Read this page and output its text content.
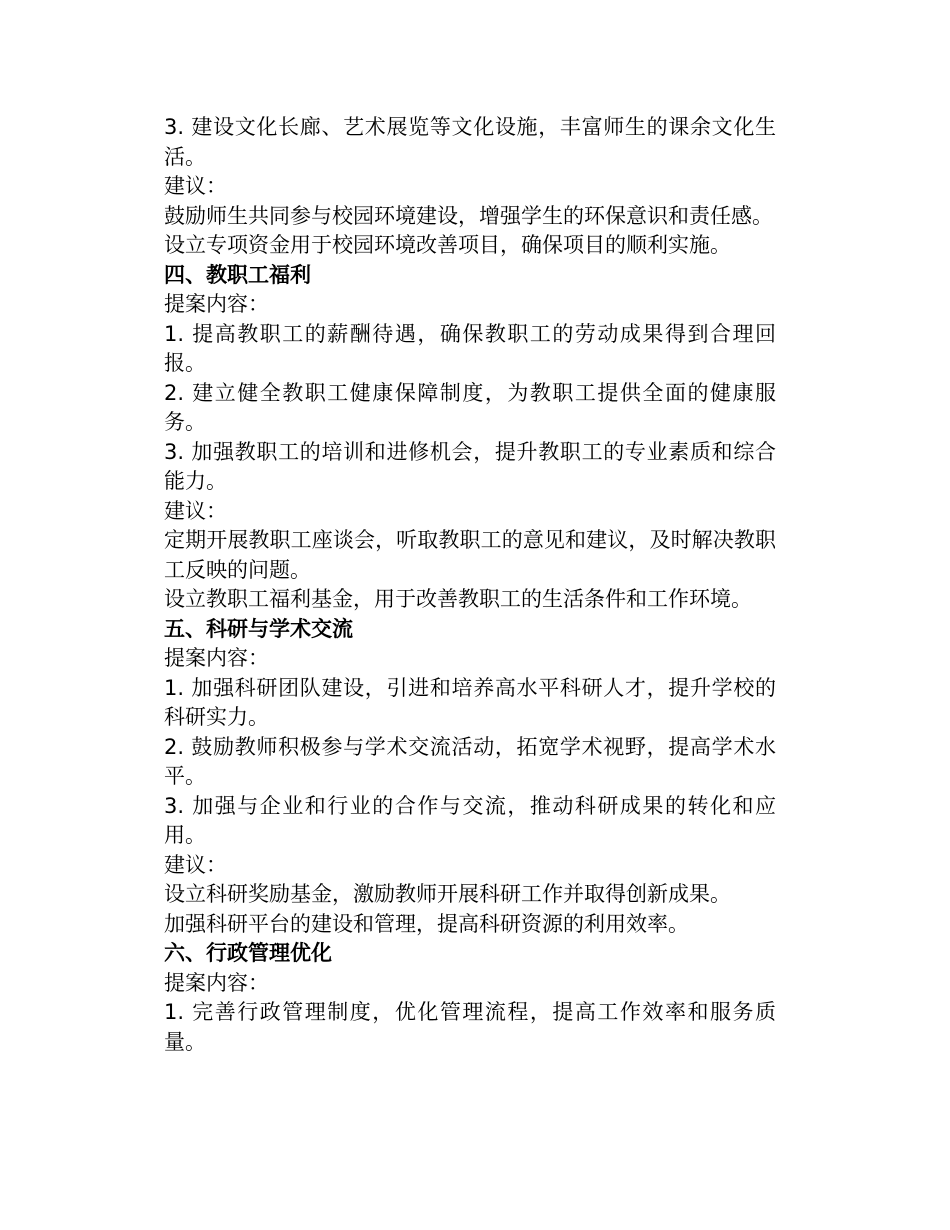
3. 建设文化长廊、艺术展览等文化设施，丰富师生的课余文化生活。

建议：

鼓励师生共同参与校园环境建设，增强学生的环保意识和责任感。

设立专项资金用于校园环境改善项目，确保项目的顺利实施。

四、教职工福利

提案内容：

1. 提高教职工的薪酬待遇，确保教职工的劳动成果得到合理回报。

2. 建立健全教职工健康保障制度，为教职工提供全面的健康服务。

3. 加强教职工的培训和进修机会，提升教职工的专业素质和综合能力。

建议：

定期开展教职工座谈会，听取教职工的意见和建议，及时解决教职工反映的问题。

设立教职工福利基金，用于改善教职工的生活条件和工作环境。

五、科研与学术交流

提案内容：

1. 加强科研团队建设，引进和培养高水平科研人才，提升学校的科研实力。

2. 鼓励教师积极参与学术交流活动，拓宽学术视野，提高学术水平。

3. 加强与企业和行业的合作与交流，推动科研成果的转化和应用。

建议：

设立科研奖励基金，激励教师开展科研工作并取得创新成果。

加强科研平台的建设和管理，提高科研资源的利用效率。

六、行政管理优化

提案内容：

1. 完善行政管理制度，优化管理流程，提高工作效率和服务质量。
